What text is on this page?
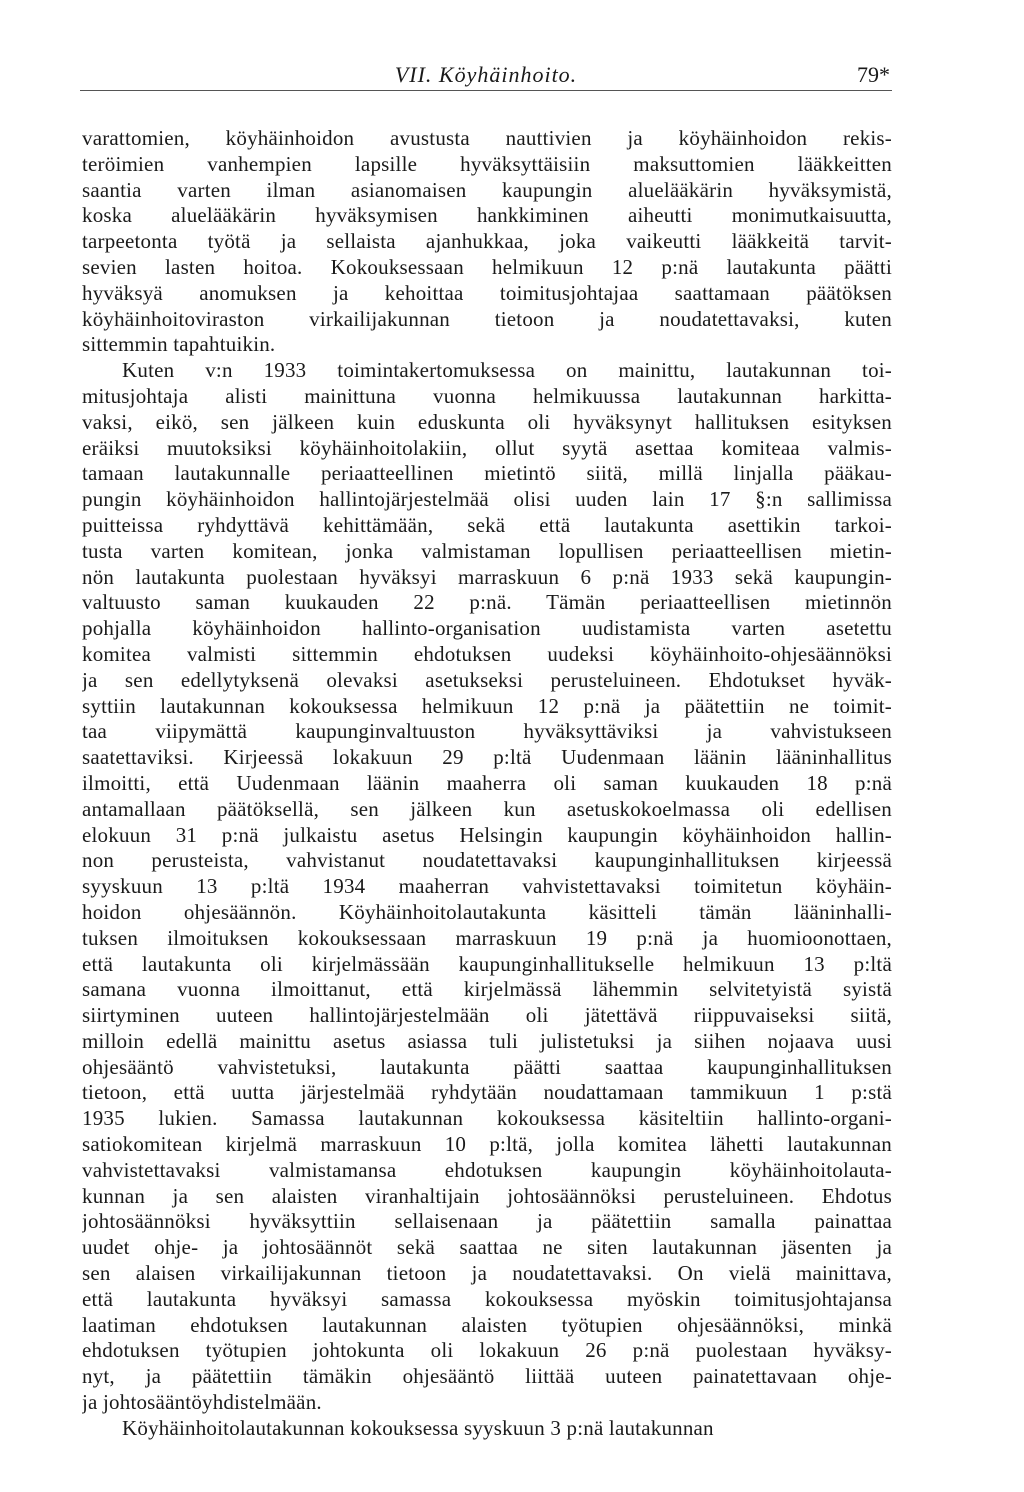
VII. Köyhäinhoito.	79*
varattomien, köyhäinhoidon avustusta nauttivien ja köyhäinhoidon rekis-
teröimien vanhempien lapsille hyväksyttäisiin maksuttomien lääkkeitten
saantia varten ilman asianomaisen kaupungin aluelääkärin hyväksymistä,
koska aluelääkärin hyväksymisen hankkiminen aiheutti monimutkaisuutta,
tarpeetonta työtä ja sellaista ajanhukkaa, joka vaikeutti lääkkeitä tarvit-
sevien lasten hoitoa. Kokouksessaan helmikuun 12 p:nä lautakunta päätti
hyväksyä anomuksen ja kehoittaa toimitusjohtajaa saattamaan päätöksen
köyhäinhoitoviraston virkailijakunnan tietoon ja noudatettavaksi, kuten
sittemmin tapahtuikin.
Kuten v:n 1933 toimintakertomuksessa on mainittu, lautakunnan toi-
mitusjohtaja alisti mainittuna vuonna helmikuussa lautakunnan harkitta-
vaksi, eikö, sen jälkeen kuin eduskunta oli hyväksynyt hallituksen esityksen
eräiksi muutoksiksi köyhäinhoitolakiin, ollut syytä asettaa komiteaa valmis-
tamaan lautakunnalle periaatteellinen mietintö siitä, millä linjalla pääkau-
pungin köyhäinhoidon hallintojärjestelmää olisi uuden lain 17 §:n sallimissa
puitteissa ryhdyttävä kehittämään, sekä että lautakunta asettikin tarkoi-
tusta varten komitean, jonka valmistaman lopullisen periaatteellisen mietin-
nön lautakunta puolestaan hyväksyi marraskuun 6 p:nä 1933 sekä kaupungin-
valtuusto saman kuukauden 22 p:nä. Tämän periaatteellisen mietinnön
pohjalla köyhäinhoidon hallinto-organisation uudistamista varten asetettu
komitea valmisti sittemmin ehdotuksen uudeksi köyhäinhoito-ohjesäännöksi
ja sen edellytyksenä olevaksi asetukseksi perusteluineen. Ehdotukset hyväk-
syttiin lautakunnan kokouksessa helmikuun 12 p:nä ja päätettiin ne toimit-
taa viipymättä kaupunginvaltuuston hyväksyttäviksi ja vahvistukseen
saatettaviksi. Kirjeessä lokakuun 29 p:ltä Uudenmaan läänin lääninhallitus
ilmoitti, että Uudenmaan läänin maaherra oli saman kuukauden 18 p:nä
antamallaan päätöksellä, sen jälkeen kun asetuskokoelmassa oli edellisen
elokuun 31 p:nä julkaistu asetus Helsingin kaupungin köyhäinhoidon hallin-
non perusteista, vahvistanut noudatettavaksi kaupunginhallituksen kirjeessä
syyskuun 13 p:ltä 1934 maaherran vahvistettavaksi toimitetun köyhäin-
hoidon ohjesäännön. Köyhäinhoitolautakunta käsitteli tämän lääninhalli-
tuksen ilmoituksen kokouksessaan marraskuun 19 p:nä ja huomioonottaen,
että lautakunta oli kirjelmässään kaupunginhallitukselle helmikuun 13 p:ltä
samana vuonna ilmoittanut, että kirjelmässä lähemmin selvitetyistä syistä
siirtyminen uuteen hallintojärjestelmään oli jätettävä riippuvaiseksi siitä,
milloin edellä mainittu asetus asiassa tuli julistetuksi ja siihen nojaava uusi
ohjesääntö vahvistetuksi, lautakunta päätti saattaa kaupunginhallituksen
tietoon, että uutta järjestelmää ryhdytään noudattamaan tammikuun 1 p:stä
1935 lukien. Samassa lautakunnan kokouksessa käsiteltiin hallinto-organi-
satiokomitean kirjelmä marraskuun 10 p:ltä, jolla komitea lähetti lautakunnan
vahvistettavaksi valmistamansa ehdotuksen kaupungin köyhäinhoitolauta-
kunnan ja sen alaisten viranhaltijain johtosäännöksi perusteluineen. Ehdotus
johtosäännöksi hyväksyttiin sellaisenaan ja päätettiin samalla painattaa
uudet ohje- ja johtosäännöt sekä saattaa ne siten lautakunnan jäsenten ja
sen alaisen virkailijakunnan tietoon ja noudatettavaksi. On vielä mainittava,
että lautakunta hyväksyi samassa kokouksessa myöskin toimitusjohtajansa
laatiman ehdotuksen lautakunnan alaisten työtupien ohjesäännöksi, minkä
ehdotuksen työtupien johtokunta oli lokakuun 26 p:nä puolestaan hyväksy-
nyt, ja päätettiin tämäkin ohjesääntö liittää uuteen painatettavaan ohje-
ja johtosääntöyhdistelmään.
Köyhäinhoitolautakunnan kokouksessa syyskuun 3 p:nä lautakunnan
